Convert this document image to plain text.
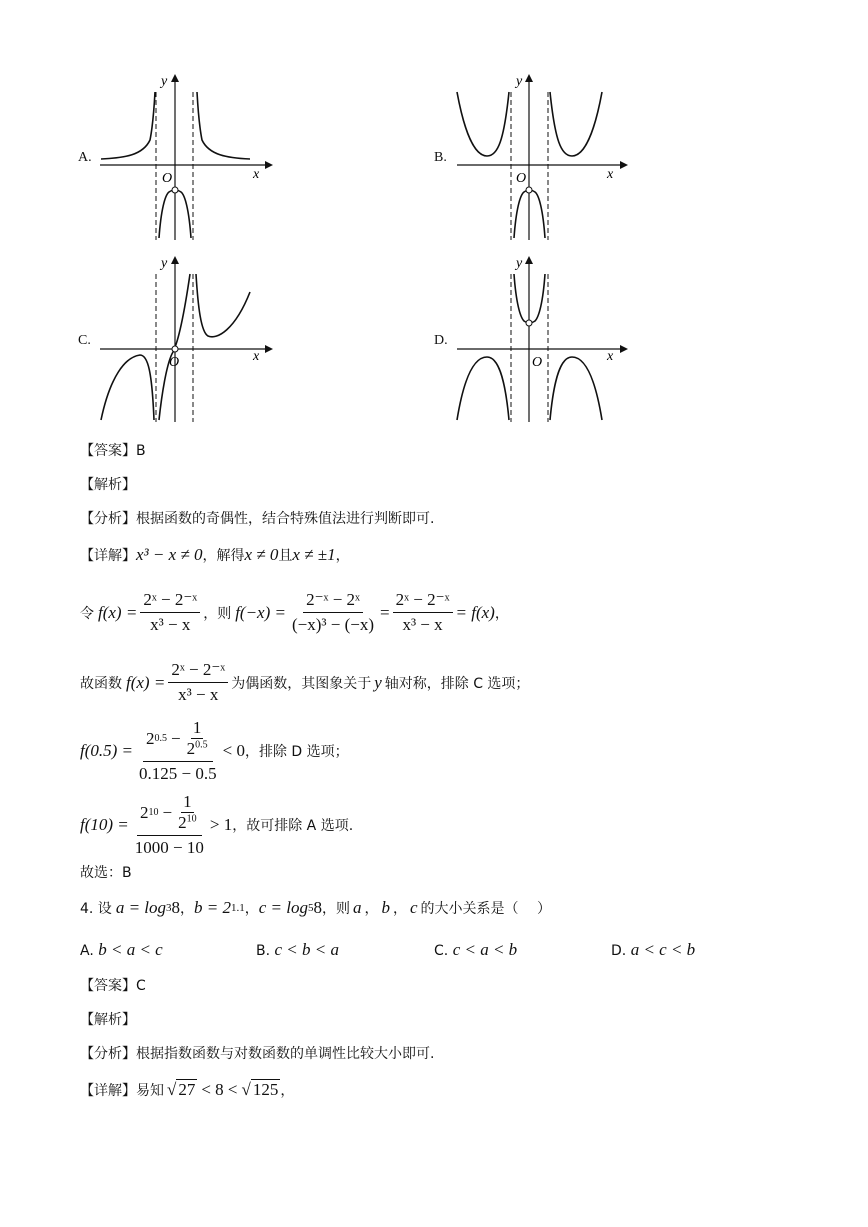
A.
O	x
y
B.
O	x
y
C.
O	x
y
D.
O	x
y
【答案】B
【解析】
【分析】根据函数的奇偶性，结合特殊值法进行判断即可.
【详解】x³ − x ≠ 0，解得x ≠ 0且x ≠ ±1，
令 $f(x) = \frac{\text{2ˣ − 2⁻ˣ}}{\text{x³ − x}}$ ，则 $f(-x) = \frac{\text{2⁻ˣ − 2ˣ}}{\text{(−x)³ − (−x)}} = \frac{\text{2ˣ − 2⁻ˣ}}{\text{x³ − x}} = f(x)$ ，
故函数 $f(x) = \frac{\text{2ˣ − 2⁻ˣ}}{\text{x³ − x}}$ 为偶函数，其图象关于 y 轴对称，排除 C 选项；
$f(0.5) = \frac{2 0.5 - \frac{1}{2^{0.5}}}{0.125 - 0.5} < 0$ ，排除 D 选项；
$f(10) = \frac{2 10 - \frac{1}{2^{10}}}{1000 - 10} > 1$ ，故可排除 A 选项.
故选：B
4. 设 a = log 3 8 ， b = 2 1.1 ， c = log 5 8 ，则 a ， b ， c 的大小关系是（　 ）
A. b < a < c	B. c < b < a	C. c < a < b	D. a < c < b
【答案】C
【解析】
【分析】根据指数函数与对数函数的单调性比较大小即可.
【详解】 易知 √ 27 < 8 < √ 125 ，
